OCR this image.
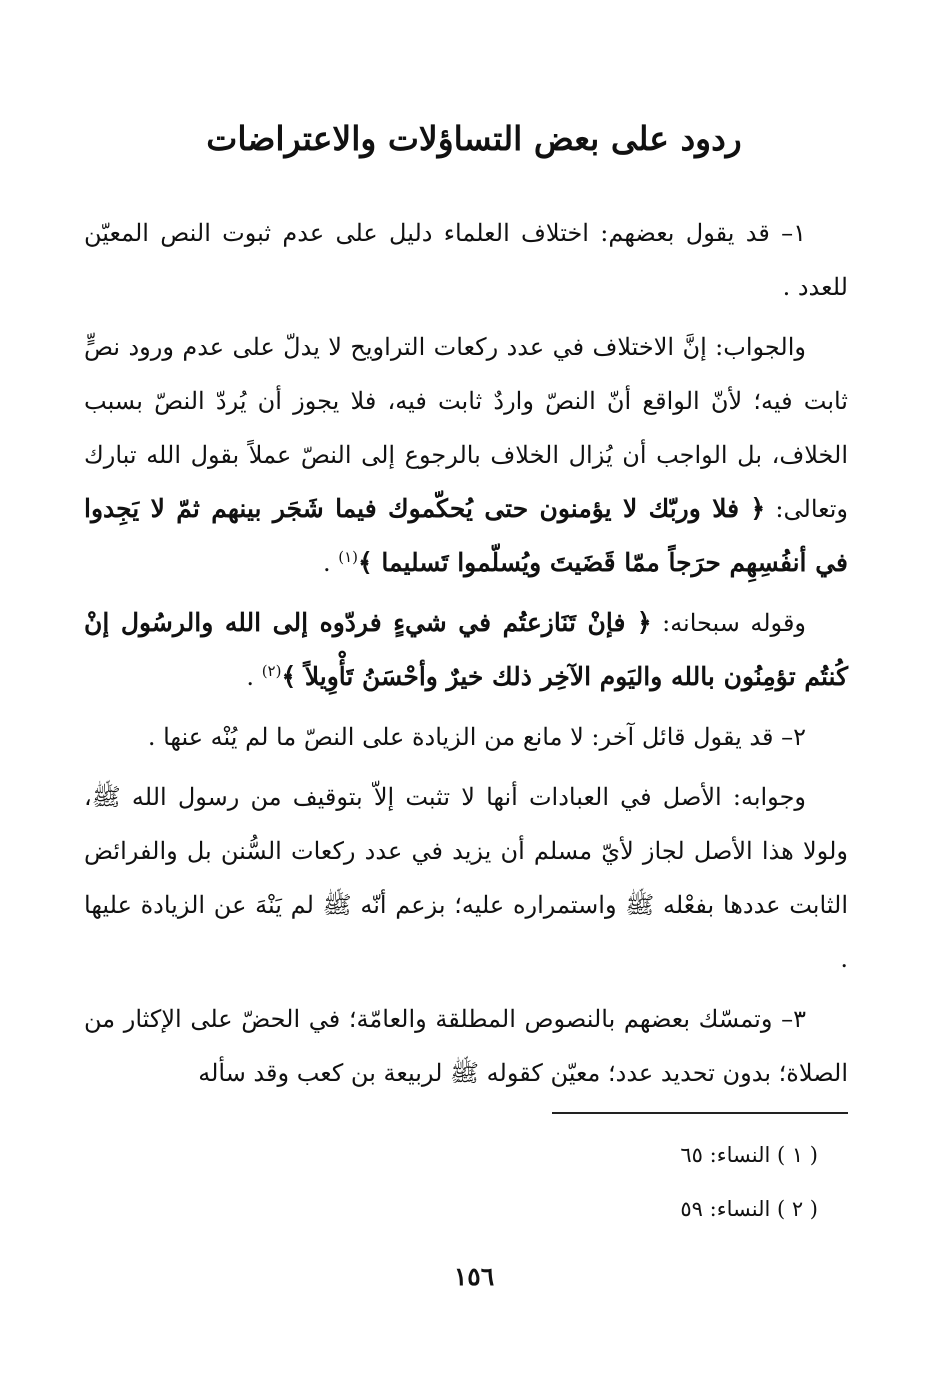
ردود على بعض التساؤلات والاعتراضات

١– قد يقول بعضهم: اختلاف العلماء دليل على عدم ثبوت النص المعيّن للعدد .

والجواب: إنَّ الاختلاف في عدد ركعات التراويح لا يدلّ على عدم ورود نصٍّ ثابت فيه؛ لأنّ الواقع أنّ النصّ واردٌ ثابت فيه، فلا يجوز أن يُردّ النصّ بسبب الخلاف، بل الواجب أن يُزال الخلاف بالرجوع إلى النصّ عملاً بقول الله تبارك وتعالى: ﴿ فلا وربّك لا يؤمنون حتى يُحكّموك فيما شَجَر بينهم ثمّ لا يَجِدوا في أنفُسِهِم حرَجاً ممّا قَضَيتَ ويُسلّموا تَسليما ﴾$^{(١)}$ .

وقوله سبحانه: ﴿ فإنْ تَنَازعتُم في شيءٍ فردّوه إلى الله والرسُول إنْ كُنتُم تؤمِنُون بالله واليَوم الآخِر ذلك خيرٌ وأحْسَنُ تَأْوِيلاً ﴾$^{(٢)}$ .

٢– قد يقول قائل آخر: لا مانع من الزيادة على النصّ ما لم يُنْه عنها .

وجوابه: الأصل في العبادات أنها لا تثبت إلاّ بتوقيف من رسول الله ﷺ، ولولا هذا الأصل لجاز لأيّ مسلم أن يزيد في عدد ركعات السُّنن بل والفرائض الثابت عددها بفعْله ﷺ واستمراره عليه؛ بزعم أنّه ﷺ لم يَنْهَ عن الزيادة عليها .

٣– وتمسّك بعضهم بالنصوص المطلقة والعامّة؛ في الحضّ على الإكثار من الصلاة؛ بدون تحديد عدد؛ معيّن كقوله ﷺ لربيعة بن كعب وقد سأله

( ١ ) النساء: ٦٥
( ٢ ) النساء: ٥٩
١٥٦
